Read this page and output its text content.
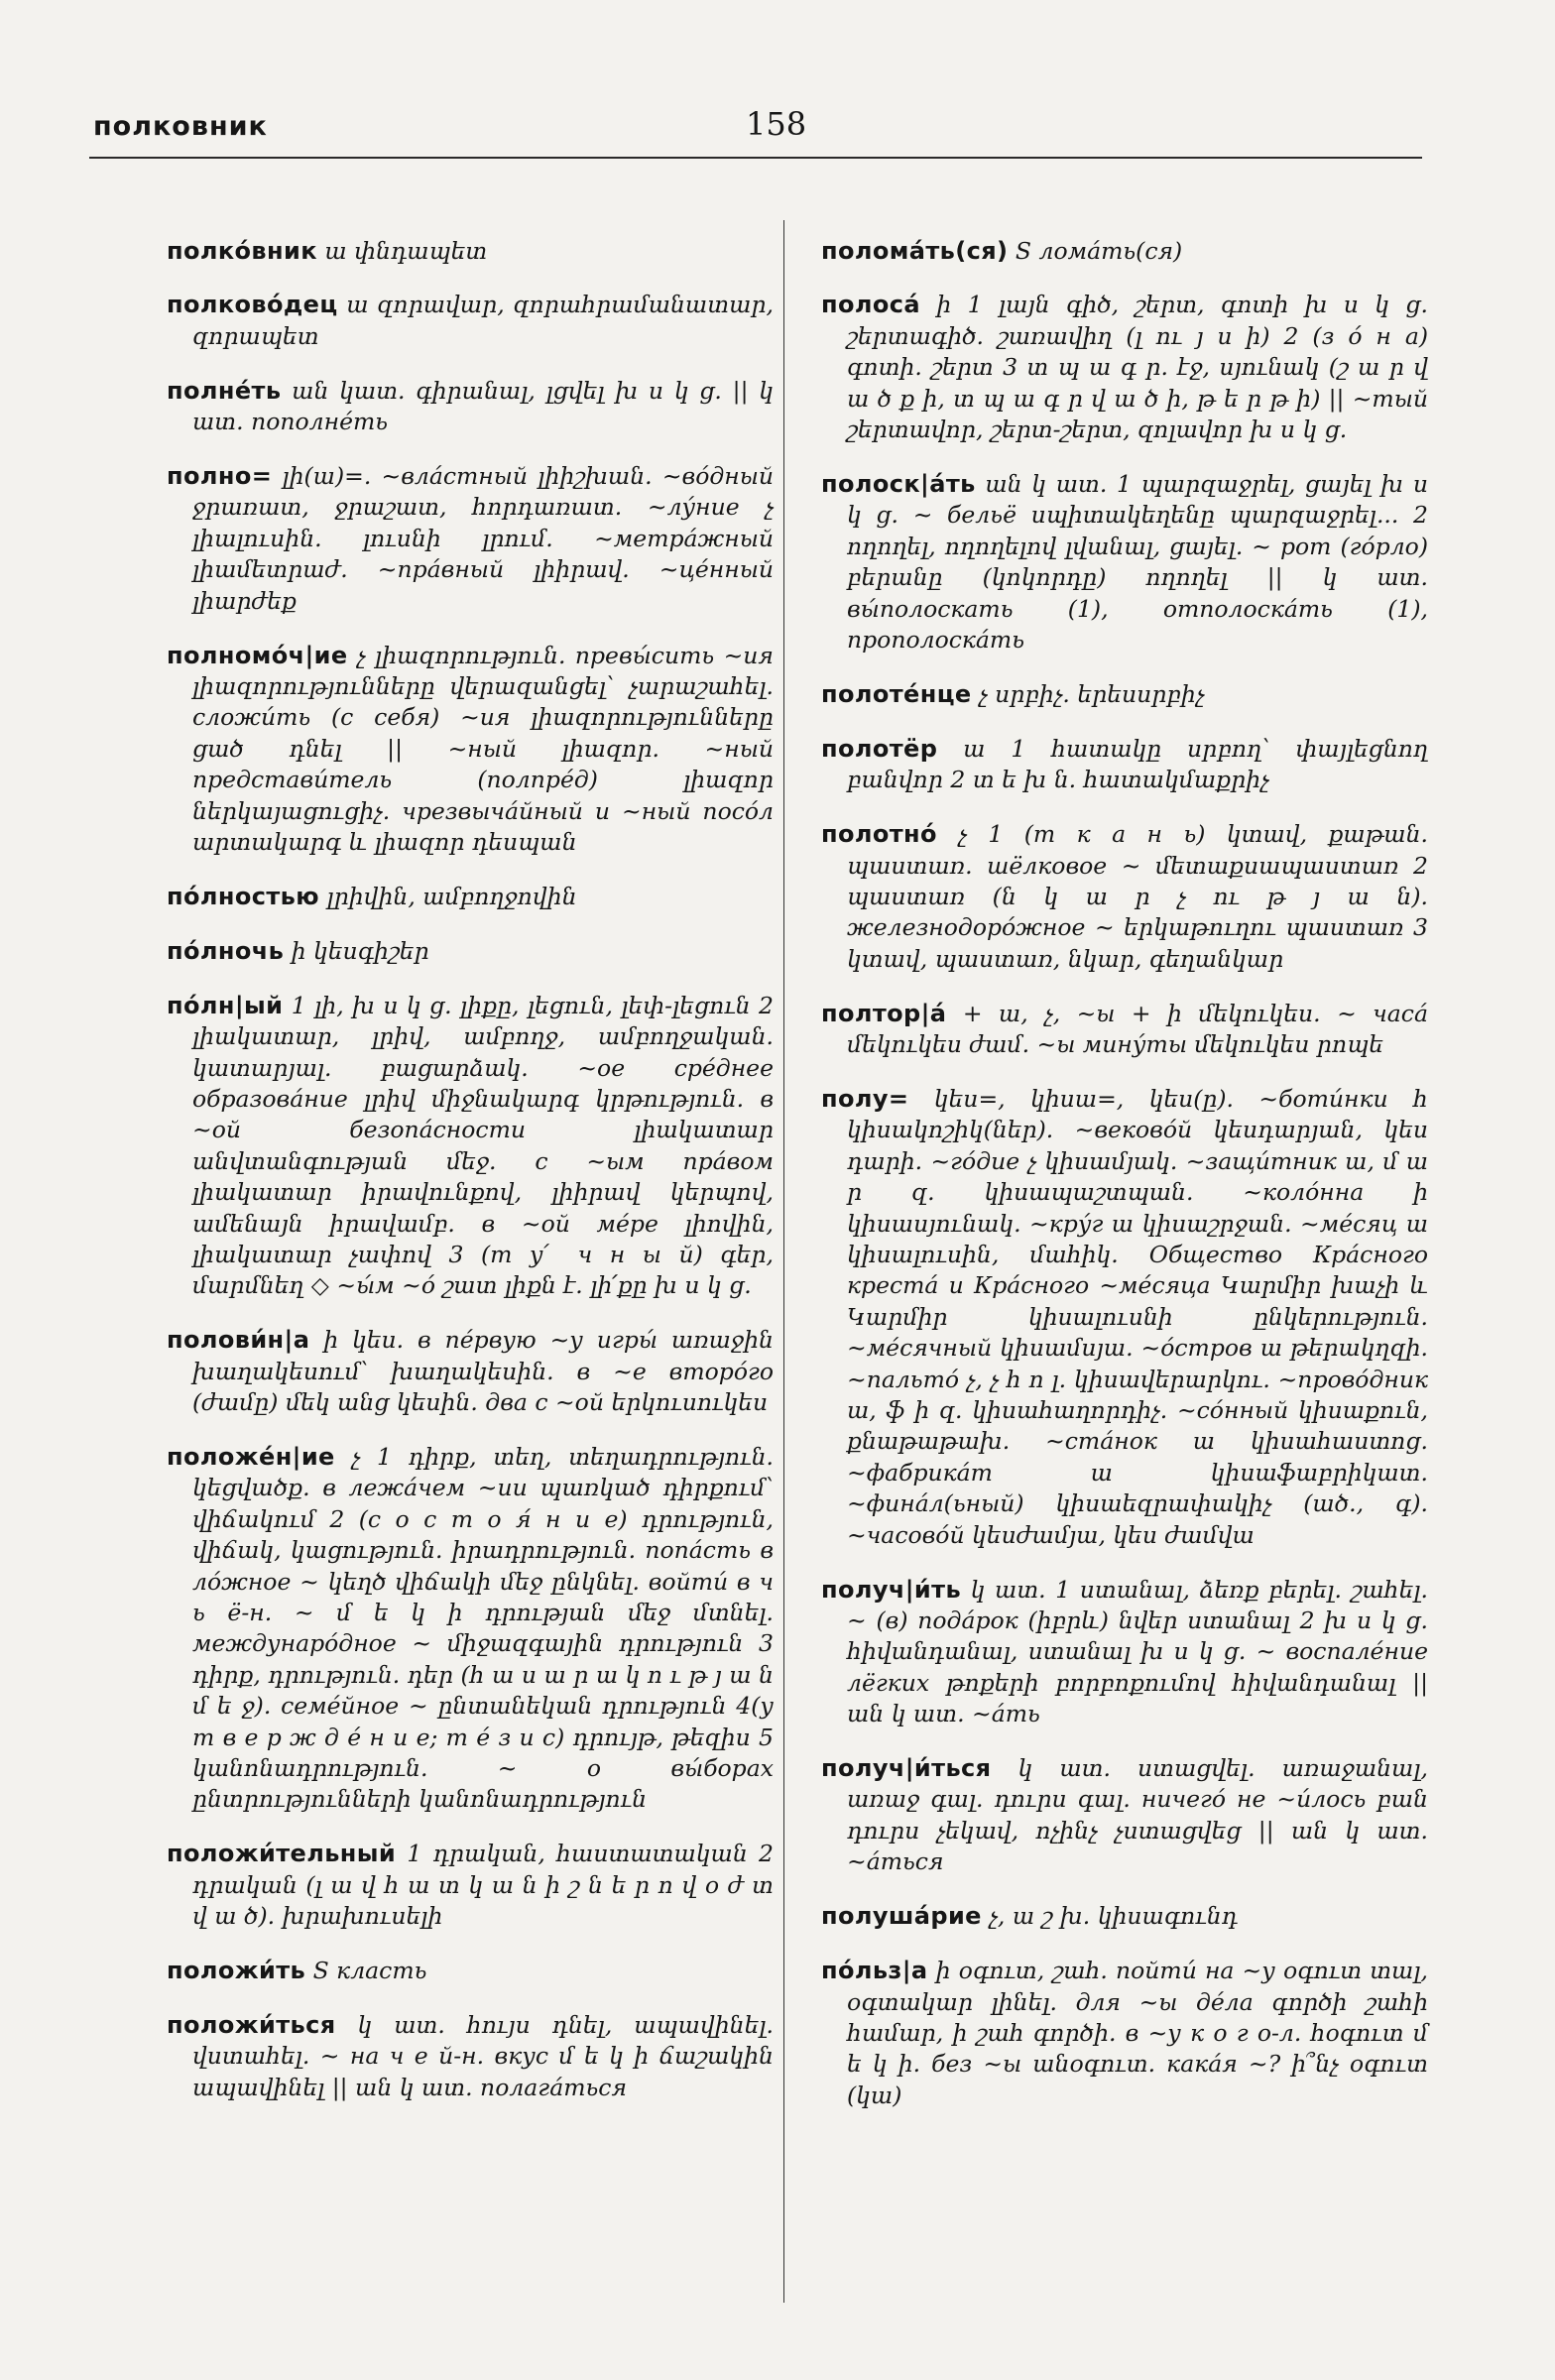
полковник	158

полко́вник ա փնդապետ

полково́дец ա զորավար, զորահրամանատար, զորապետ

полне́ть ան կատ. գիրանալ, լցվել խ ս կ ց. || կ ատ. пополне́ть

полно= լի(ա)=. ~вла́стный լիիշխան. ~во́дный ջրառատ, ջրաշատ, հորդառատ. ~лу́ние չ լիալուսին. լուսնի լրում. ~метра́жный լիամետրաժ. ~пра́вный լիիրավ. ~це́нный լիարժեք

полномо́ч|ие չ լիազորություն. превы́сить ~ия լիազորությունները վերազանցել՝ չարաշահել. сложи́ть (с себя) ~ия լիազորությունները ցած դնել || ~ный լիազոր. ~ный представи́тель (полпре́д) լիազոր ներկայացուցիչ. чрезвыча́йный и ~ный посо́л արտակարգ և լիազոր դեսպան

по́лностью լրիվին, ամբողջովին

по́лночь ի կեսգիշեր

по́лн|ый 1 լի, խ ս կ ց. լիքը, լեցուն, լեփ-լեցուն 2 լիակատար, լրիվ, ամբողջ, ամբողջական. կատարյալ. բացարձակ. ~ое сре́днее образова́ние լրիվ միջնակարգ կրթություն. в ~ой безопа́сности լիակատար անվտանգության մեջ. с ~ым пра́вом լիակատար իրավունքով, լիիրավ կերպով, ամենայն իրավամբ. в ~ой ме́ре լիովին, լիակատար չափով 3 (т у ́ ч н ы й) գեր, մարմնեղ ◇ ~ы́м ~о́ շատ լիքն է. լի՛քը խ ս կ ց.

полови́н|а ի կես. в пе́рвую ~у игры́ առաջին խաղակեսում՝ խաղակեսին. в ~е второ́го (ժամը) մեկ անց կեսին. два с ~ой երկուսուկես

положе́н|ие չ 1 դիրք, տեղ, տեղադրություն. կեցվածք. в лежа́чем ~ии պառկած դիրքում՝ վիճակում 2 (с о с т о я́ н и е) դրություն, վիճակ, կացություն. իրադրություն. попа́сть в ло́жное ~ կեղծ վիճակի մեջ ընկնել. войти́ в ч ь ё-н. ~ մ ե կ ի դրության մեջ մտնել. междунаро́дное ~ միջազգային դրություն 3 դիրք, դրություն. դեր (հ ա ս ա ր ա կ ո ւ թ յ ա ն մ ե ջ). семе́йное ~ ընտանեկան դրություն 4(у т в е р ж д е́ н и е; т е́ з и с) դրույթ, թեզիս 5 կանոնադրություն. ~ о вы́борах ընտրությունների կանոնադրություն

положи́тельный 1 դրական, հաստատական 2 դրական (լ ա վ հ ա տ կ ա ն ի շ ն ե ր ո վ օ ժ տ վ ա ծ). խրախուսելի

положи́ть S класть

положи́ться կ ատ. հույս դնել, ապավինել. վստահել. ~ на ч е й-н. вкус մ ե կ ի ճաշակին ապավինել || ան կ ատ. полага́ться

полома́ть(ся) S лома́ть(ся)

полоса́ ի 1 լայն գիծ, շերտ, գոտի խ ս կ ց. շերտագիծ. շառավիղ (լ ու յ ս ի) 2 (з о́ н а) գոտի. շերտ 3 տ պ ա գ ր. էջ, սյունակ (շ ա ր վ ա ծ ք ի, տ պ ա գ ր վ ա ծ ի, թ ե ր թ ի) || ~тый շերտավոր, շերտ-շերտ, զոլավոր խ ս կ ց.

полоск|а́ть ան կ ատ. 1 պարզաջրել, ցայել խ ս կ ց. ~ бельё սպիտակեղենը պարզաջրել... 2 ողողել, ողողելով լվանալ, ցայել. ~ рот (го́рло) բերանը (կոկորդը) ողողել || կ ատ. вы́полоскать (1), отполоска́ть (1), прополоска́ть

полоте́нце չ սրբիչ. երեսսրբիչ

полотёр ա 1 հատակը սրբող՝ փայլեցնող բանվոր 2 տ ե խ ն. հատակմաքրիչ

полотно́ չ 1 (т к а н ь) կտավ, քաթան. պաստառ. шёлковое ~ մետաքսապաստառ 2 պաստառ (ն կ ա ր չ ու թ յ ա ն). железнодоро́жное ~ երկաթուղու պաստառ 3 կտավ, պաստառ, նկար, գեղանկար

полтор|а́ + ա, չ, ~ы + ի մեկուկես. ~ часа́ մեկուկես ժամ. ~ы мину́ты մեկուկես րոպե

полу= կես=, կիսա=, կես(ը). ~боти́нки հ կիսակոշիկ(ներ). ~веково́й կեսդարյան, կես դարի. ~го́дие չ կիսամյակ. ~защи́тник ա, մ ա ր զ. կիսապաշտպան. ~коло́нна ի կիսասյունակ. ~кру́г ա կիսաշրջան. ~ме́сяц ա կիսալուսին, մահիկ. Общество Кра́сного креста́ и Кра́сного ~ме́сяца Կարմիր խաչի և Կարմիր կիսալուսնի ընկերություն. ~ме́сячный կիսամսյա. ~о́стров ա թերակղզի. ~пальто́ չ, չ հ ո լ. կիսավերարկու. ~прово́дник ա, ֆ ի զ. կիսահաղորդիչ. ~со́нный կիսաքուն, քնաթաթախ. ~ста́нок ա կիսահաստոց. ~фабрика́т ա կիսաֆաբրիկատ. ~фина́л(ьный) կիսաեզրափակիչ (ած., գ). ~часово́й կեսժամյա, կես ժամվա

получ|и́ть կ ատ. 1 ստանալ, ձեռք բերել. շահել. ~ (в) пода́рок (իբրև) նվեր ստանալ 2 խ ս կ ց. հիվանդանալ, ստանալ խ ս կ ց. ~ воспале́ние лёгких թոքերի բորբոքումով հիվանդանալ || ան կ ատ. ~а́ть

получ|и́ться կ ատ. ստացվել. առաջանալ, առաջ գալ. դուրս գալ. ничего́ не ~и́лось բան դուրս չեկավ, ոչինչ չստացվեց || ան կ ատ. ~а́ться

полуша́рие չ, ա շ խ. կիսագունդ

по́льз|а ի օգուտ, շահ. пойти́ на ~у օգուտ տալ, օգտակար լինել. для ~ы де́ла գործի շահի համար, ի շահ գործի. в ~у к о г о-л. հօգուտ մ ե կ ի. без ~ы անօգուտ. кака́я ~? ի՞նչ օգուտ (կա)
